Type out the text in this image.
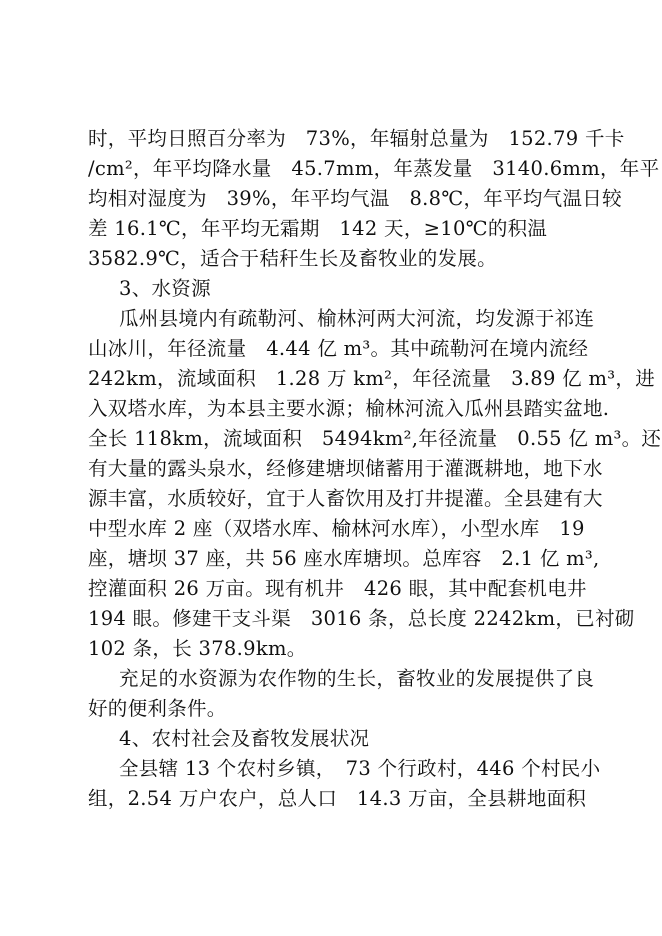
时，平均日照百分率为　73%，年辐射总量为　152.79 千卡
/cm²，年平均降水量　45.7mm，年蒸发量　3140.6mm，年平
均相对湿度为　39%，年平均气温　8.8℃，年平均气温日较
差 16.1℃，年平均无霜期　142 天，≥10℃的积温
3582.9℃，适合于秸秆生长及畜牧业的发展。
3、水资源
瓜州县境内有疏勒河、榆林河两大河流，均发源于祁连
山冰川，年径流量　4.44 亿 m³。其中疏勒河在境内流经
242km，流域面积　1.28 万 km²，年径流量　3.89 亿 m³，进
入双塔水库，为本县主要水源；榆林河流入瓜州县踏实盆地.
全长 118km，流域面积　5494km²,年径流量　0.55 亿 m³。还
有大量的露头泉水，经修建塘坝储蓄用于灌溉耕地，地下水
源丰富，水质较好，宜于人畜饮用及打井提灌。全县建有大
中型水库 2 座（双塔水库、榆林河水库），小型水库　19
座，塘坝 37 座，共 56 座水库塘坝。总库容　2.1 亿 m³,
控灌面积 26 万亩。现有机井　426 眼，其中配套机电井
194 眼。修建干支斗渠　3016 条，总长度 2242km，已衬砌
102 条，长 378.9km。
充足的水资源为农作物的生长，畜牧业的发展提供了良
好的便利条件。
4、农村社会及畜牧发展状况
全县辖 13 个农村乡镇，　73 个行政村，446 个村民小
组，2.54 万户农户，总人口　14.3 万亩，全县耕地面积
